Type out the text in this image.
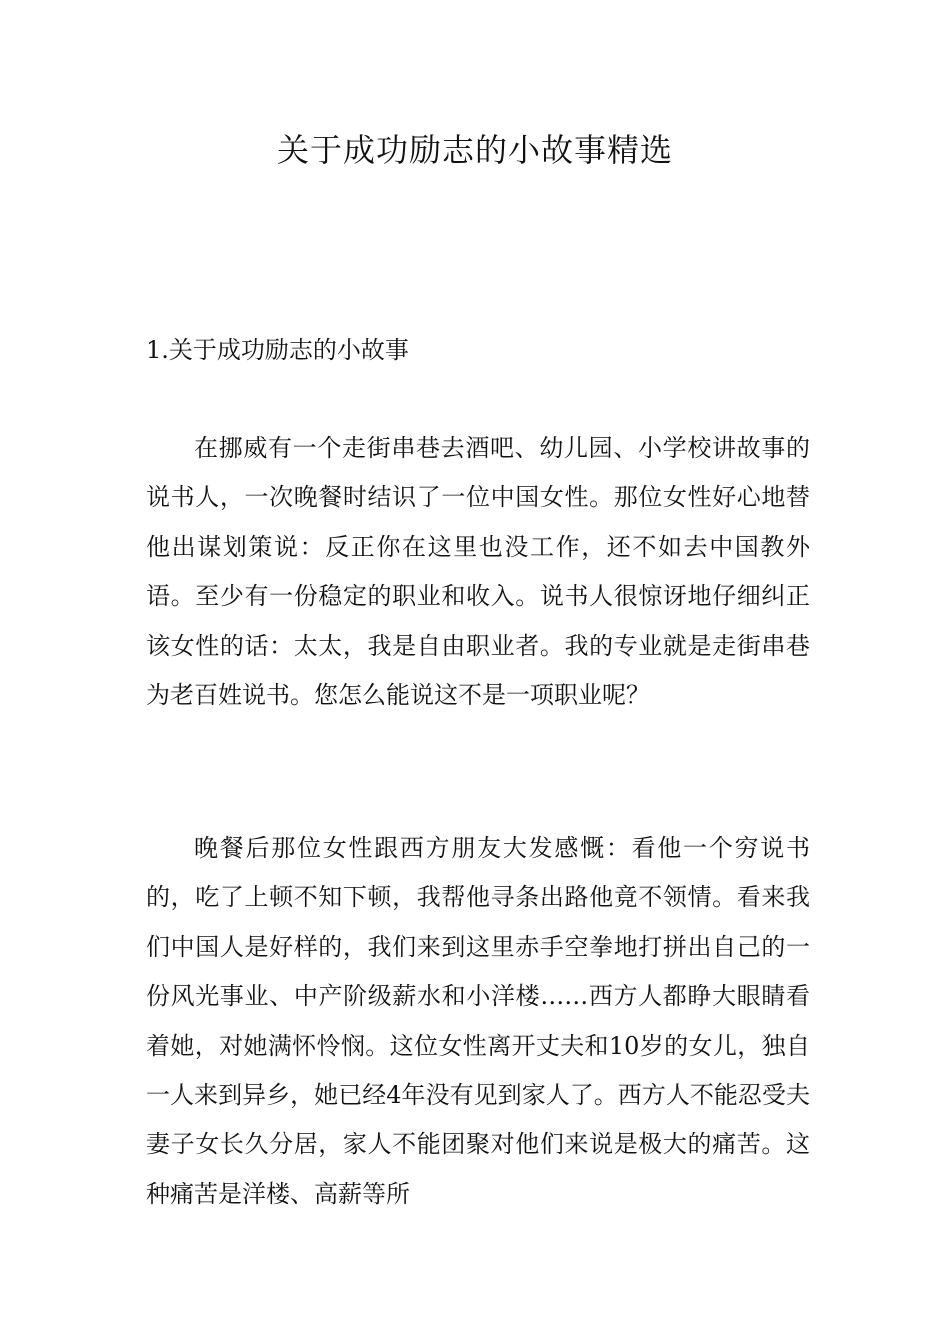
关于成功励志的小故事精选
1.关于成功励志的小故事

在挪威有一个走街串巷去酒吧、幼儿园、小学校讲故事的说书人，一次晚餐时结识了一位中国女性。那位女性好心地替他出谋划策说：反正你在这里也没工作，还不如去中国教外语。至少有一份稳定的职业和收入。说书人很惊讶地仔细纠正该女性的话：太太，我是自由职业者。我的专业就是走街串巷为老百姓说书。您怎么能说这不是一项职业呢？

晚餐后那位女性跟西方朋友大发感慨：看他一个穷说书的，吃了上顿不知下顿，我帮他寻条出路他竟不领情。看来我们中国人是好样的，我们来到这里赤手空拳地打拼出自己的一份风光事业、中产阶级薪水和小洋楼……西方人都睁大眼睛看着她，对她满怀怜悯。这位女性离开丈夫和10岁的女儿，独自一人来到异乡，她已经4年没有见到家人了。西方人不能忍受夫妻子女长久分居，家人不能团聚对他们来说是极大的痛苦。这种痛苦是洋楼、高薪等所
